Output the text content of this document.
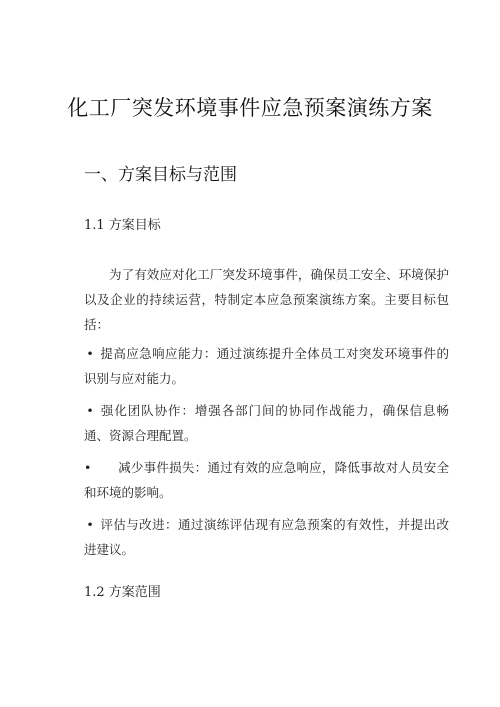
化工厂突发环境事件应急预案演练方案
一、方案目标与范围
1.1 方案目标

为了有效应对化工厂突发环境事件，确保员工安全、环境保护以及企业的持续运营，特制定本应急预案演练方案。主要目标包括：

• 提高应急响应能力：通过演练提升全体员工对突发环境事件的识别与应对能力。
• 强化团队协作：增强各部门间的协同作战能力，确保信息畅通、资源合理配置。
• 减少事件损失：通过有效的应急响应，降低事故对人员安全和环境的影响。
• 评估与改进：通过演练评估现有应急预案的有效性，并提出改进建议。
1.2 方案范围
